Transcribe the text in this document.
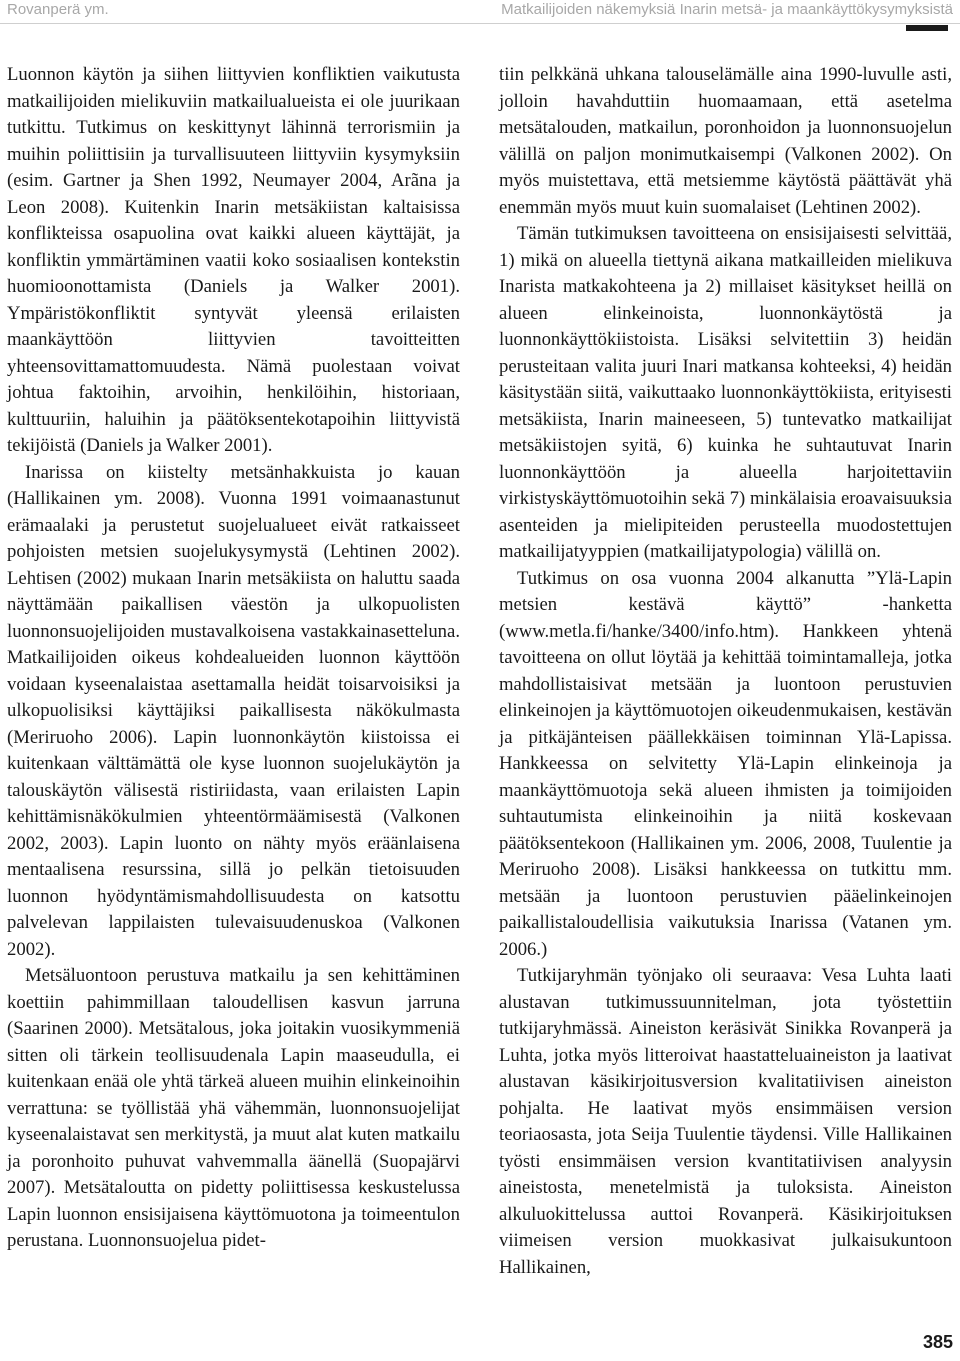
Rovanperä ym.	Matkailijoiden näkemyksiä Inarin metsä- ja maankäyttökysymyksistä

Luonnon käytön ja siihen liittyvien konfliktien vaikutusta matkailijoiden mielikuviin matkailualueista ei ole juurikaan tutkittu. Tutkimus on keskittynyt lähinnä terrorismiin ja muihin poliittisiin ja turvallisuuteen liittyviin kysymyksiin (esim. Gartner ja Shen 1992, Neumayer 2004, Arãna ja Leon 2008). Kuitenkin Inarin metsäkiistan kaltaisissa konflikteissa osapuolina ovat kaikki alueen käyttäjät, ja konfliktin ymmärtäminen vaatii koko sosiaalisen kontekstin huomioonottamista (Daniels ja Walker 2001). Ympäristökonfliktit syntyvät yleensä erilaisten maankäyttöön liittyvien tavoitteitten yhteensovittamattomuudesta. Nämä puolestaan voivat johtua faktoihin, arvoihin, henkilöihin, historiaan, kulttuuriin, haluihin ja päätöksentekotapoihin liittyvistä tekijöistä (Daniels ja Walker 2001).

Inarissa on kiistelty metsänhakkuista jo kauan (Hallikainen ym. 2008). Vuonna 1991 voimaanastunut erämaalaki ja perustetut suojelualueet eivät ratkaisseet pohjoisten metsien suojelukysymystä (Lehtinen 2002). Lehtisen (2002) mukaan Inarin metsäkiista on haluttu saada näyttämään paikallisen väestön ja ulkopuolisten luonnonsuojelijoiden mustavalkoisena vastakkainasetteluna. Matkailijoiden oikeus kohdealueiden luonnon käyttöön voidaan kyseenalaistaa asettamalla heidät toisarvoisiksi ja ulkopuolisiksi käyttäjiksi paikallisesta näkökulmasta (Meriruoho 2006). Lapin luonnonkäytön kiistoissa ei kuitenkaan välttämättä ole kyse luonnon suojelukäytön ja talouskäytön välisestä ristiriidasta, vaan erilaisten Lapin kehittämisnäkökulmien yhteentörmäämisestä (Valkonen 2002, 2003). Lapin luonto on nähty myös eräänlaisena mentaalisena resurssina, sillä jo pelkän tietoisuuden luonnon hyödyntämismahdollisuudesta on katsottu palvelevan lappilaisten tulevaisuudenuskoa (Valkonen 2002).

Metsäluontoon perustuva matkailu ja sen kehittäminen koettiin pahimmillaan taloudellisen kasvun jarruna (Saarinen 2000). Metsätalous, joka joitakin vuosikymmeniä sitten oli tärkein teollisuudenala Lapin maaseudulla, ei kuitenkaan enää ole yhtä tärkeä alueen muihin elinkeinoihin verrattuna: se työllistää yhä vähemmän, luonnonsuojelijat kyseenalaistavat sen merkitystä, ja muut alat kuten matkailu ja poronhoito puhuvat vahvemmalla äänellä (Suopajärvi 2007). Metsätaloutta on pidetty poliittisessa keskustelussa Lapin luonnon ensisijaisena käyttömuotona ja toimeentulon perustana. Luonnonsuojelua pidet-

tiin pelkkänä uhkana talouselämälle aina 1990-luvulle asti, jolloin havahduttiin huomaamaan, että asetelma metsätalouden, matkailun, poronhoidon ja luonnonsuojelun välillä on paljon monimutkaisempi (Valkonen 2002). On myös muistettava, että metsiemme käytöstä päättävät yhä enemmän myös muut kuin suomalaiset (Lehtinen 2002).

Tämän tutkimuksen tavoitteena on ensisijaisesti selvittää, 1) mikä on alueella tiettynä aikana matkailleiden mielikuva Inarista matkakohteena ja 2) millaiset käsitykset heillä on alueen elinkeinoista, luonnonkäytöstä ja luonnonkäyttökiistoista. Lisäksi selvitettiin 3) heidän perusteitaan valita juuri Inari matkansa kohteeksi, 4) heidän käsitystään siitä, vaikuttaako luonnonkäyttökiista, erityisesti metsäkiista, Inarin maineeseen, 5) tuntevatko matkailijat metsäkiistojen syitä, 6) kuinka he suhtautuvat Inarin luonnonkäyttöön ja alueella harjoitettaviin virkistyskäyttömuotoihin sekä 7) minkälaisia eroavaisuuksia asenteiden ja mielipiteiden perusteella muodostettujen matkailijatyyppien (matkailijatypologia) välillä on.

Tutkimus on osa vuonna 2004 alkanutta ”Ylä-Lapin metsien kestävä käyttö” -hanketta (www.metla.fi/hanke/3400/info.htm). Hankkeen yhtenä tavoitteena on ollut löytää ja kehittää toimintamalleja, jotka mahdollistaisivat metsään ja luontoon perustuvien elinkeinojen ja käyttömuotojen oikeudenmukaisen, kestävän ja pitkäjänteisen päällekkäisen toiminnan Ylä-Lapissa. Hankkeessa on selvitetty Ylä-Lapin elinkeinoja ja maankäyttömuotoja sekä alueen ihmisten ja toimijoiden suhtautumista elinkeinoihin ja niitä koskevaan päätöksentekoon (Hallikainen ym. 2006, 2008, Tuulentie ja Meriruoho 2008). Lisäksi hankkeessa on tutkittu mm. metsään ja luontoon perustuvien pääelinkeinojen paikallistaloudellisia vaikutuksia Inarissa (Vatanen ym. 2006.)

Tutkijaryhmän työnjako oli seuraava: Vesa Luhta laati alustavan tutkimussuunnitelman, jota työstettiin tutkijaryhmässä. Aineiston keräsivät Sinikka Rovanperä ja Luhta, jotka myös litteroivat haastatteluaineiston ja laativat alustavan käsikirjoitusversion kvalitatiivisen aineiston pohjalta. He laativat myös ensimmäisen version teoriaosasta, jota Seija Tuulentie täydensi. Ville Hallikainen työsti ensimmäisen version kvantitatiivisen analyysin aineistosta, menetelmistä ja tuloksista. Aineiston alkuluokittelussa auttoi Rovanperä. Käsikirjoituksen viimeisen version muokkasivat julkaisukuntoon Hallikainen,

385
